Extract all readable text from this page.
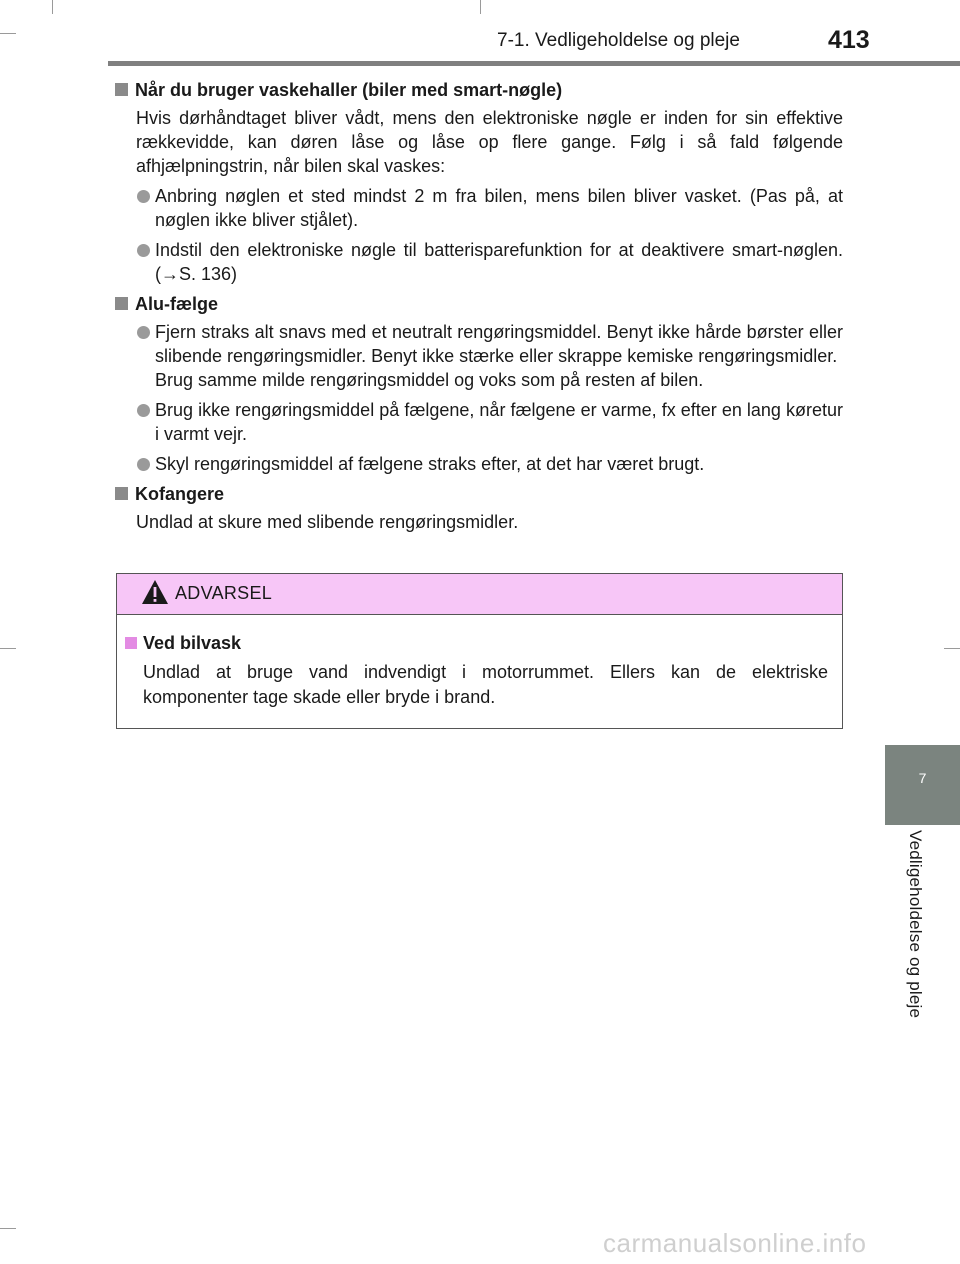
7-1. Vedligeholdelse og pleje	413
7
Vedligeholdelse og pleje
Når du bruger vaskehaller (biler med smart-nøgle)
Hvis dørhåndtaget bliver vådt, mens den elektroniske nøgle er inden for sin effektive rækkevidde, kan døren låse og låse op flere gange. Følg i så fald følgende afhjælpningstrin, når bilen skal vaskes:
Anbring nøglen et sted mindst 2 m fra bilen, mens bilen bliver vasket. (Pas på, at nøglen ikke bliver stjålet).
Indstil den elektroniske nøgle til batterisparefunktion for at deaktivere smart-nøglen. (→S. 136)
Alu-fælge
Fjern straks alt snavs med et neutralt rengøringsmiddel. Benyt ikke hårde børster eller slibende rengøringsmidler. Benyt ikke stærke eller skrappe kemiske rengøringsmidler.
Brug samme milde rengøringsmiddel og voks som på resten af bilen.
Brug ikke rengøringsmiddel på fælgene, når fælgene er varme, fx efter en lang køretur i varmt vejr.
Skyl rengøringsmiddel af fælgene straks efter, at det har været brugt.
Kofangere
Undlad at skure med slibende rengøringsmidler.
ADVARSEL
Ved bilvask
Undlad at bruge vand indvendigt i motorrummet. Ellers kan de elektriske komponenter tage skade eller bryde i brand.
carmanualsonline.info
